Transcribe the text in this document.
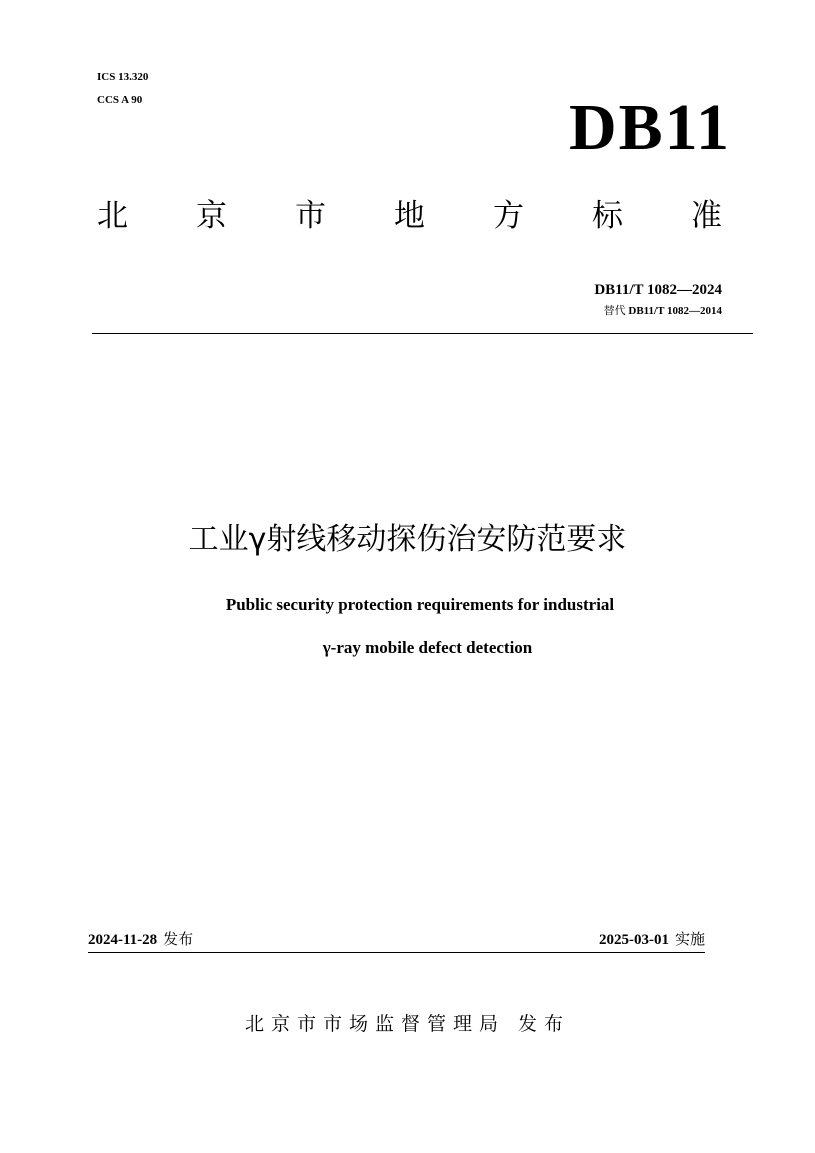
ICS 13.320
CCS A 90	DB11
北 京 市 地 方 标 准
DB11/T 1082—2024
替代 DB11/T 1082—2014
工业γ射线移动探伤治安防范要求
Public security protection requirements for industrial
γ-ray mobile defect detection
2024-11-28 发布	2025-03-01 实施
北京市市场监督管理局 发布
